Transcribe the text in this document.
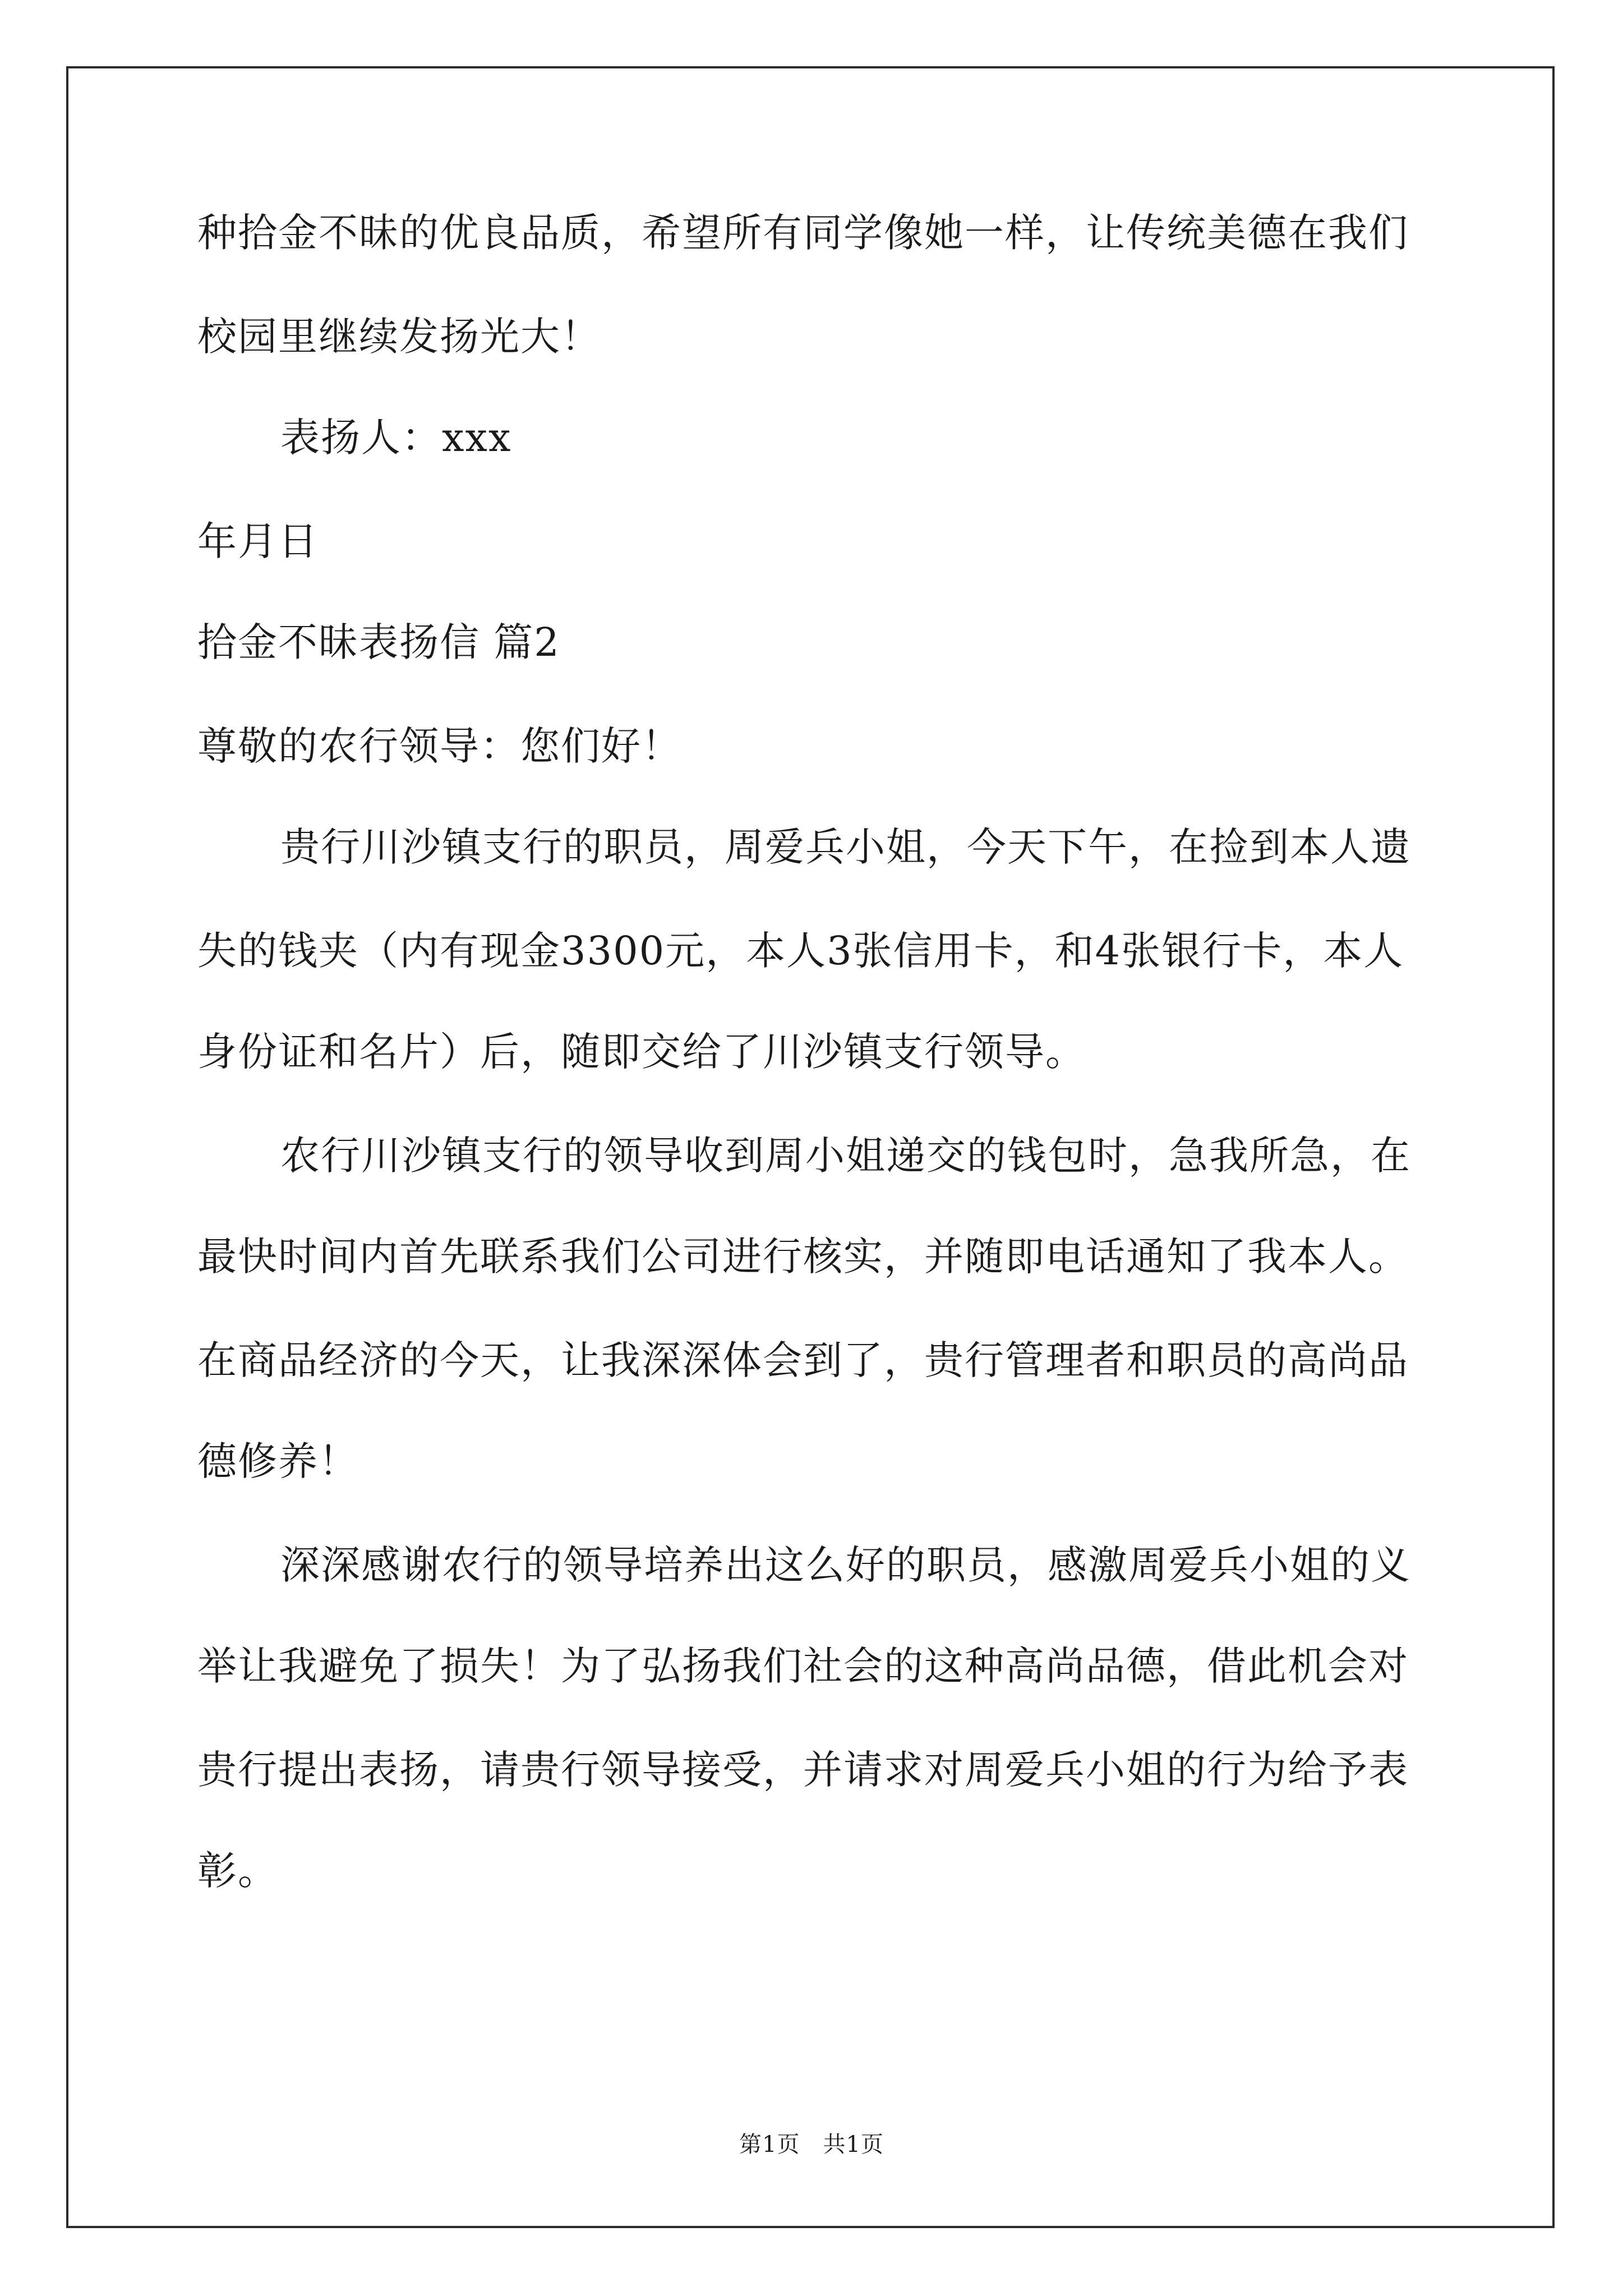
种拾金不昧的优良品质，希望所有同学像她一样，让传统美德在我们
校园里继续发扬光大！
表扬人：xxx
年月日
拾金不昧表扬信 篇2
尊敬的农行领导：您们好！
贵行川沙镇支行的职员，周爱兵小姐，今天下午，在捡到本人遗
失的钱夹（内有现金3300元，本人3张信用卡，和4张银行卡，本人
身份证和名片）后，随即交给了川沙镇支行领导。
农行川沙镇支行的领导收到周小姐递交的钱包时，急我所急，在
最快时间内首先联系我们公司进行核实，并随即电话通知了我本人。
在商品经济的今天，让我深深体会到了，贵行管理者和职员的高尚品
德修养！
深深感谢农行的领导培养出这么好的职员，感激周爱兵小姐的义
举让我避免了损失！为了弘扬我们社会的这种高尚品德，借此机会对
贵行提出表扬，请贵行领导接受，并请求对周爱兵小姐的行为给予表
彰。
第1页　共1页
